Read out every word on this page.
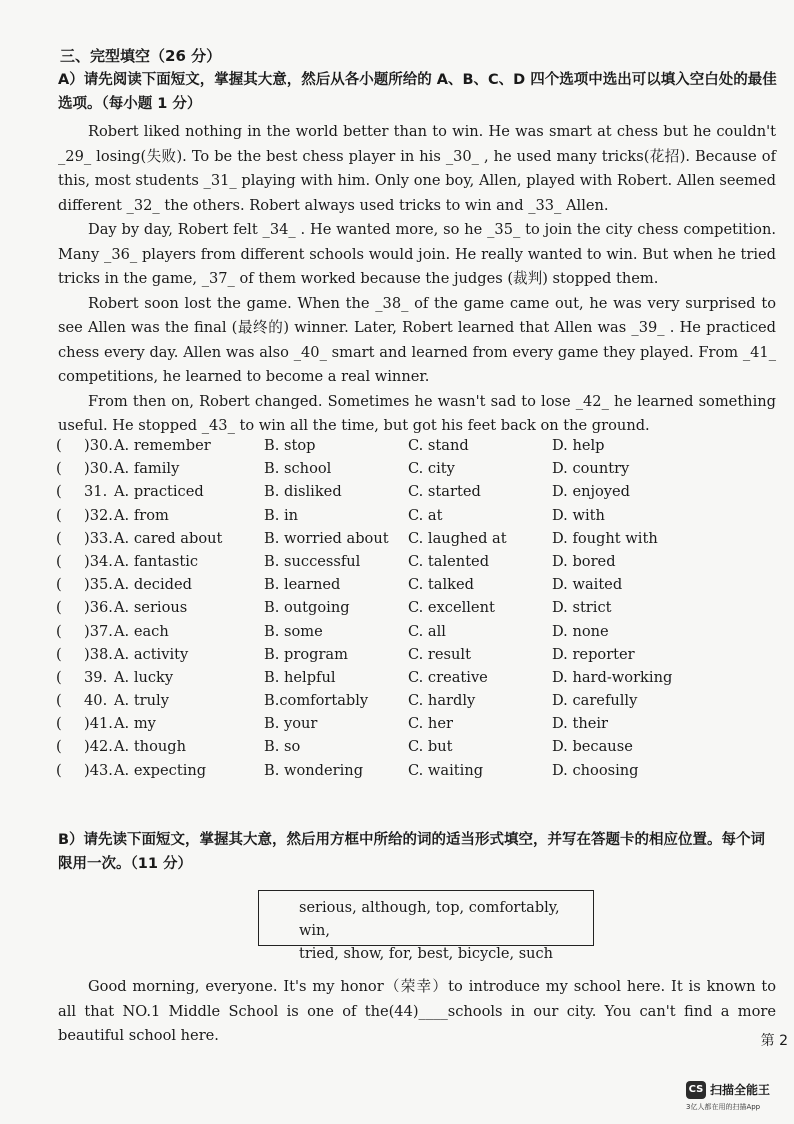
三、完型填空（26 分）
A）请先阅读下面短文，掌握其大意，然后从各小题所给的 A、B、C、D 四个选项中选出可以填入空白处的最佳选项。（每小题 1 分）

Robert liked nothing in the world better than to win. He was smart at chess but he couldn't _29_ losing(失败). To be the best chess player in his _30_ , he used many tricks(花招). Because of this, most students _31_ playing with him. Only one boy, Allen, played with Robert. Allen seemed different _32_ the others. Robert always used tricks to win and _33_ Allen.

Day by day, Robert felt _34_ . He wanted more, so he _35_ to join the city chess competition. Many _36_ players from different schools would join. He really wanted to win. But when he tried tricks in the game, _37_ of them worked because the judges (裁判) stopped them.

Robert soon lost the game. When the _38_ of the game came out, he was very surprised to see Allen was the final (最终的) winner. Later, Robert learned that Allen was _39_ . He practiced chess every day. Allen was also _40_ smart and learned from every game they played. From _41_ competitions, he learned to become a real winner.

From then on, Robert changed. Sometimes he wasn't sad to lose _42_ he learned something useful. He stopped _43_ to win all the time, but got his feet back on the ground.

( )30. A. remember	B. stop	C. stand	D. help
( )30. A. family	B. school	C. city	D. country
( 31. A. practiced	B. disliked	C. started	D. enjoyed
( )32. A. from	B. in	C. at	D. with
( )33. A. cared about	B. worried about C. laughed at	D. fought with
( )34. A. fantastic	B. successful	C. talented	D. bored
( )35. A. decided	B. learned	C. talked	D. waited
( )36. A. serious	B. outgoing	C. excellent	D. strict
( )37. A. each	B. some	C. all	D. none
( )38. A. activity	B. program	C. result	D. reporter
( 39. A. lucky	B. helpful	C. creative	D. hard-working
( 40. A. truly	B.comfortably	C. hardly	D. carefully
( )41. A. my	B. your	C. her	D. their
( )42. A. though	B. so	C. but	D. because
( )43. A. expecting	B. wondering	C. waiting	D. choosing
B）请先读下面短文，掌握其大意，然后用方框中所给的词的适当形式填空，并写在答题卡的相应位置。每个词限用一次。（11 分）
serious, although, top, comfortably, win,
tried, show, for, best, bicycle, such

Good morning, everyone. It's my honor（荣幸）to introduce my school here. It is known to all that NO.1 Middle School is one of the(44)____schools in our city. You can't find a more beautiful school here.	第 2
CS 扫描全能王
3亿人都在用的扫描App
